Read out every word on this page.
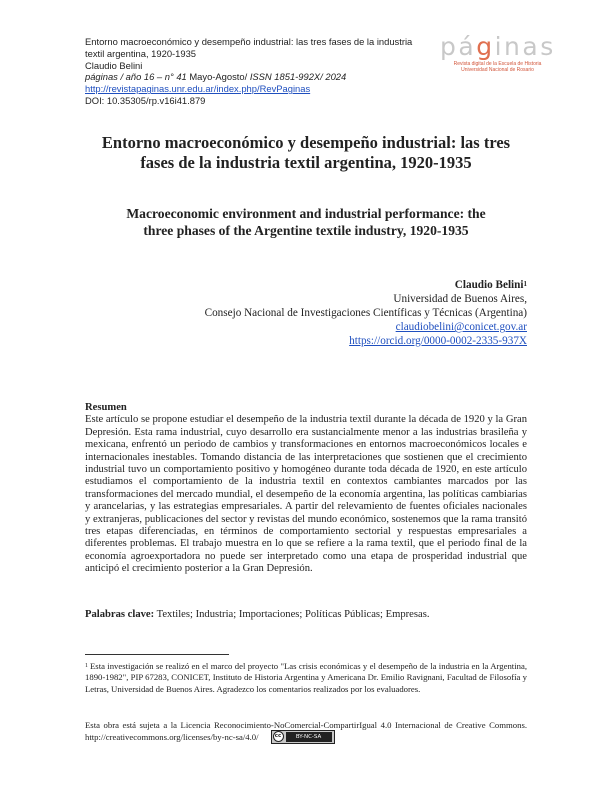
Entorno macroeconómico y desempeño industrial: las tres fases de la industria
textil argentina, 1920-1935
Claudio Belini
páginas / año 16 – n° 41 Mayo-Agosto/ ISSN 1851-992X/ 2024
http://revistapaginas.unr.edu.ar/index.php/RevPaginas
DOI: 10.35305/rp.v16i41.879
páginas
Revista digital de la Escuela de Historia
Universidad Nacional de Rosario
Entorno macroeconómico y desempeño industrial: las tres
fases de la industria textil argentina, 1920-1935
Macroeconomic environment and industrial performance: the
three phases of the Argentine textile industry, 1920-1935
Claudio Belini$^1$
Universidad de Buenos Aires,
Consejo Nacional de Investigaciones Científicas y Técnicas (Argentina)
claudiobelini@conicet.gov.ar
https://orcid.org/0000-0002-2335-937X
Resumen
Este artículo se propone estudiar el desempeño de la industria textil durante la década de 1920 y la Gran Depresión. Esta rama industrial, cuyo desarrollo era sustancialmente menor a las industrias brasileña y mexicana, enfrentó un periodo de cambios y transformaciones en entornos macroeconómicos locales e internacionales inestables. Tomando distancia de las interpretaciones que sostienen que el crecimiento industrial tuvo un comportamiento positivo y homogéneo durante toda década de 1920, en este artículo estudiamos el comportamiento de la industria textil en contextos cambiantes marcados por las transformaciones del mercado mundial, el desempeño de la economía argentina, las políticas cambiarias y arancelarias, y las estrategias empresariales. A partir del relevamiento de fuentes oficiales nacionales y extranjeras, publicaciones del sector y revistas del mundo económico, sostenemos que la rama transitó tres etapas diferenciadas, en términos de comportamiento sectorial y respuestas empresariales a diferentes problemas. El trabajo muestra en lo que se refiere a la rama textil, que el periodo final de la economía agroexportadora no puede ser interpretado como una etapa de prosperidad industrial que anticipó el crecimiento posterior a la Gran Depresión.
Palabras clave: Textiles; Industria; Importaciones; Políticas Públicas; Empresas.
$^1$ Esta investigación se realizó en el marco del proyecto "Las crisis económicas y el desempeño de la industria en la Argentina, 1890-1982", PIP 67283, CONICET, Instituto de Historia Argentina y Americana Dr. Emilio Ravignani, Facultad de Filosofía y Letras, Universidad de Buenos Aires. Agradezco los comentarios realizados por los evaluadores.
Esta obra está sujeta a la Licencia Reconocimiento-NoComercial-CompartirIgual 4.0 Internacional de Creative Commons. http://creativecommons.org/licenses/by-nc-sa/4.0/	cc	BY-NC-SA
